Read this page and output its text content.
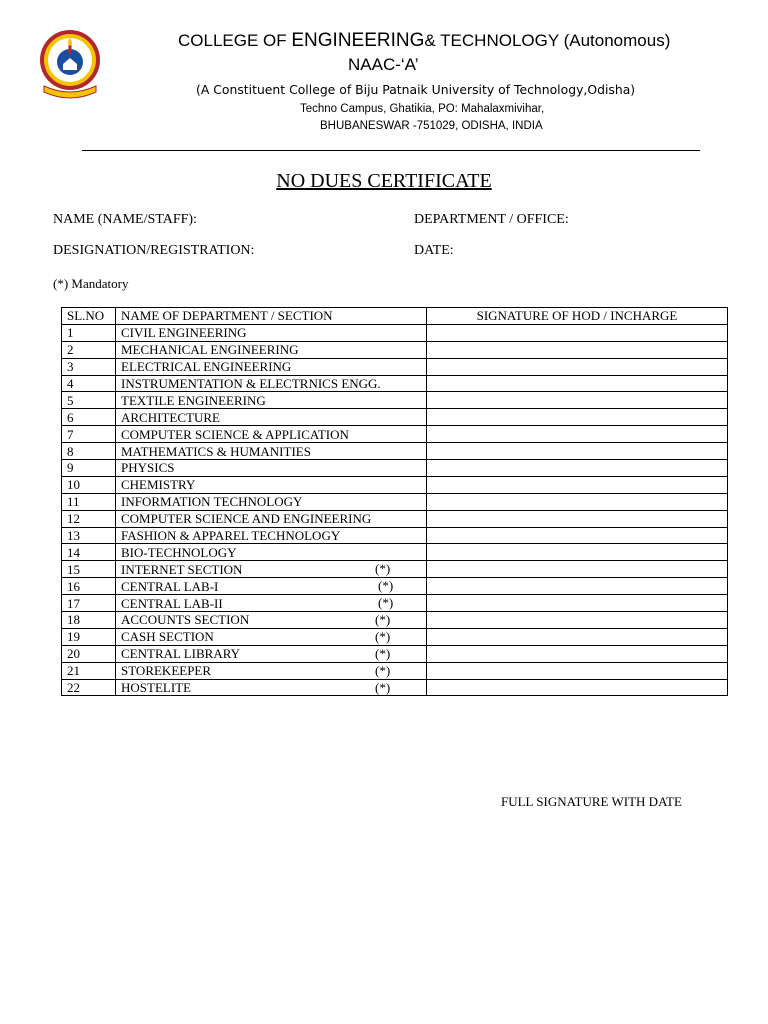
COLLEGE OF ENGINEERING& TECHNOLOGY (Autonomous)
NAAC-‘A’
(A Constituent College of Biju Patnaik University of Technology,Odisha)
Techno Campus, Ghatikia, PO: Mahalaxmivihar,
BHUBANESWAR -751029, ODISHA, INDIA
NO DUES CERTIFICATE
NAME (NAME/STAFF):	DEPARTMENT / OFFICE:
DESIGNATION/REGISTRATION:	DATE:
(*) Mandatory
SL.NO	NAME OF DEPARTMENT / SECTION	SIGNATURE OF HOD / INCHARGE
1	CIVIL ENGINEERING	
2	MECHANICAL ENGINEERING	
3	ELECTRICAL ENGINEERING	
4	INSTRUMENTATION & ELECTRNICS ENGG.	
5	TEXTILE ENGINEERING	
6	ARCHITECTURE	
7	COMPUTER SCIENCE & APPLICATION	
8	MATHEMATICS & HUMANITIES	
9	PHYSICS	
10	CHEMISTRY	
11	INFORMATION TECHNOLOGY	
12	COMPUTER SCIENCE AND ENGINEERING	
13	FASHION & APPAREL TECHNOLOGY	
14	BIO-TECHNOLOGY	
15	INTERNET SECTION (*)	

16	CENTRAL LAB-I (*)	

17	CENTRAL LAB-II (*)	

18	ACCOUNTS SECTION (*)	

19	CASH SECTION (*)	

20	CENTRAL LIBRARY (*)	

21	STOREKEEPER (*)	

22	HOSTELITE (*)	

FULL SIGNATURE WITH DATE
